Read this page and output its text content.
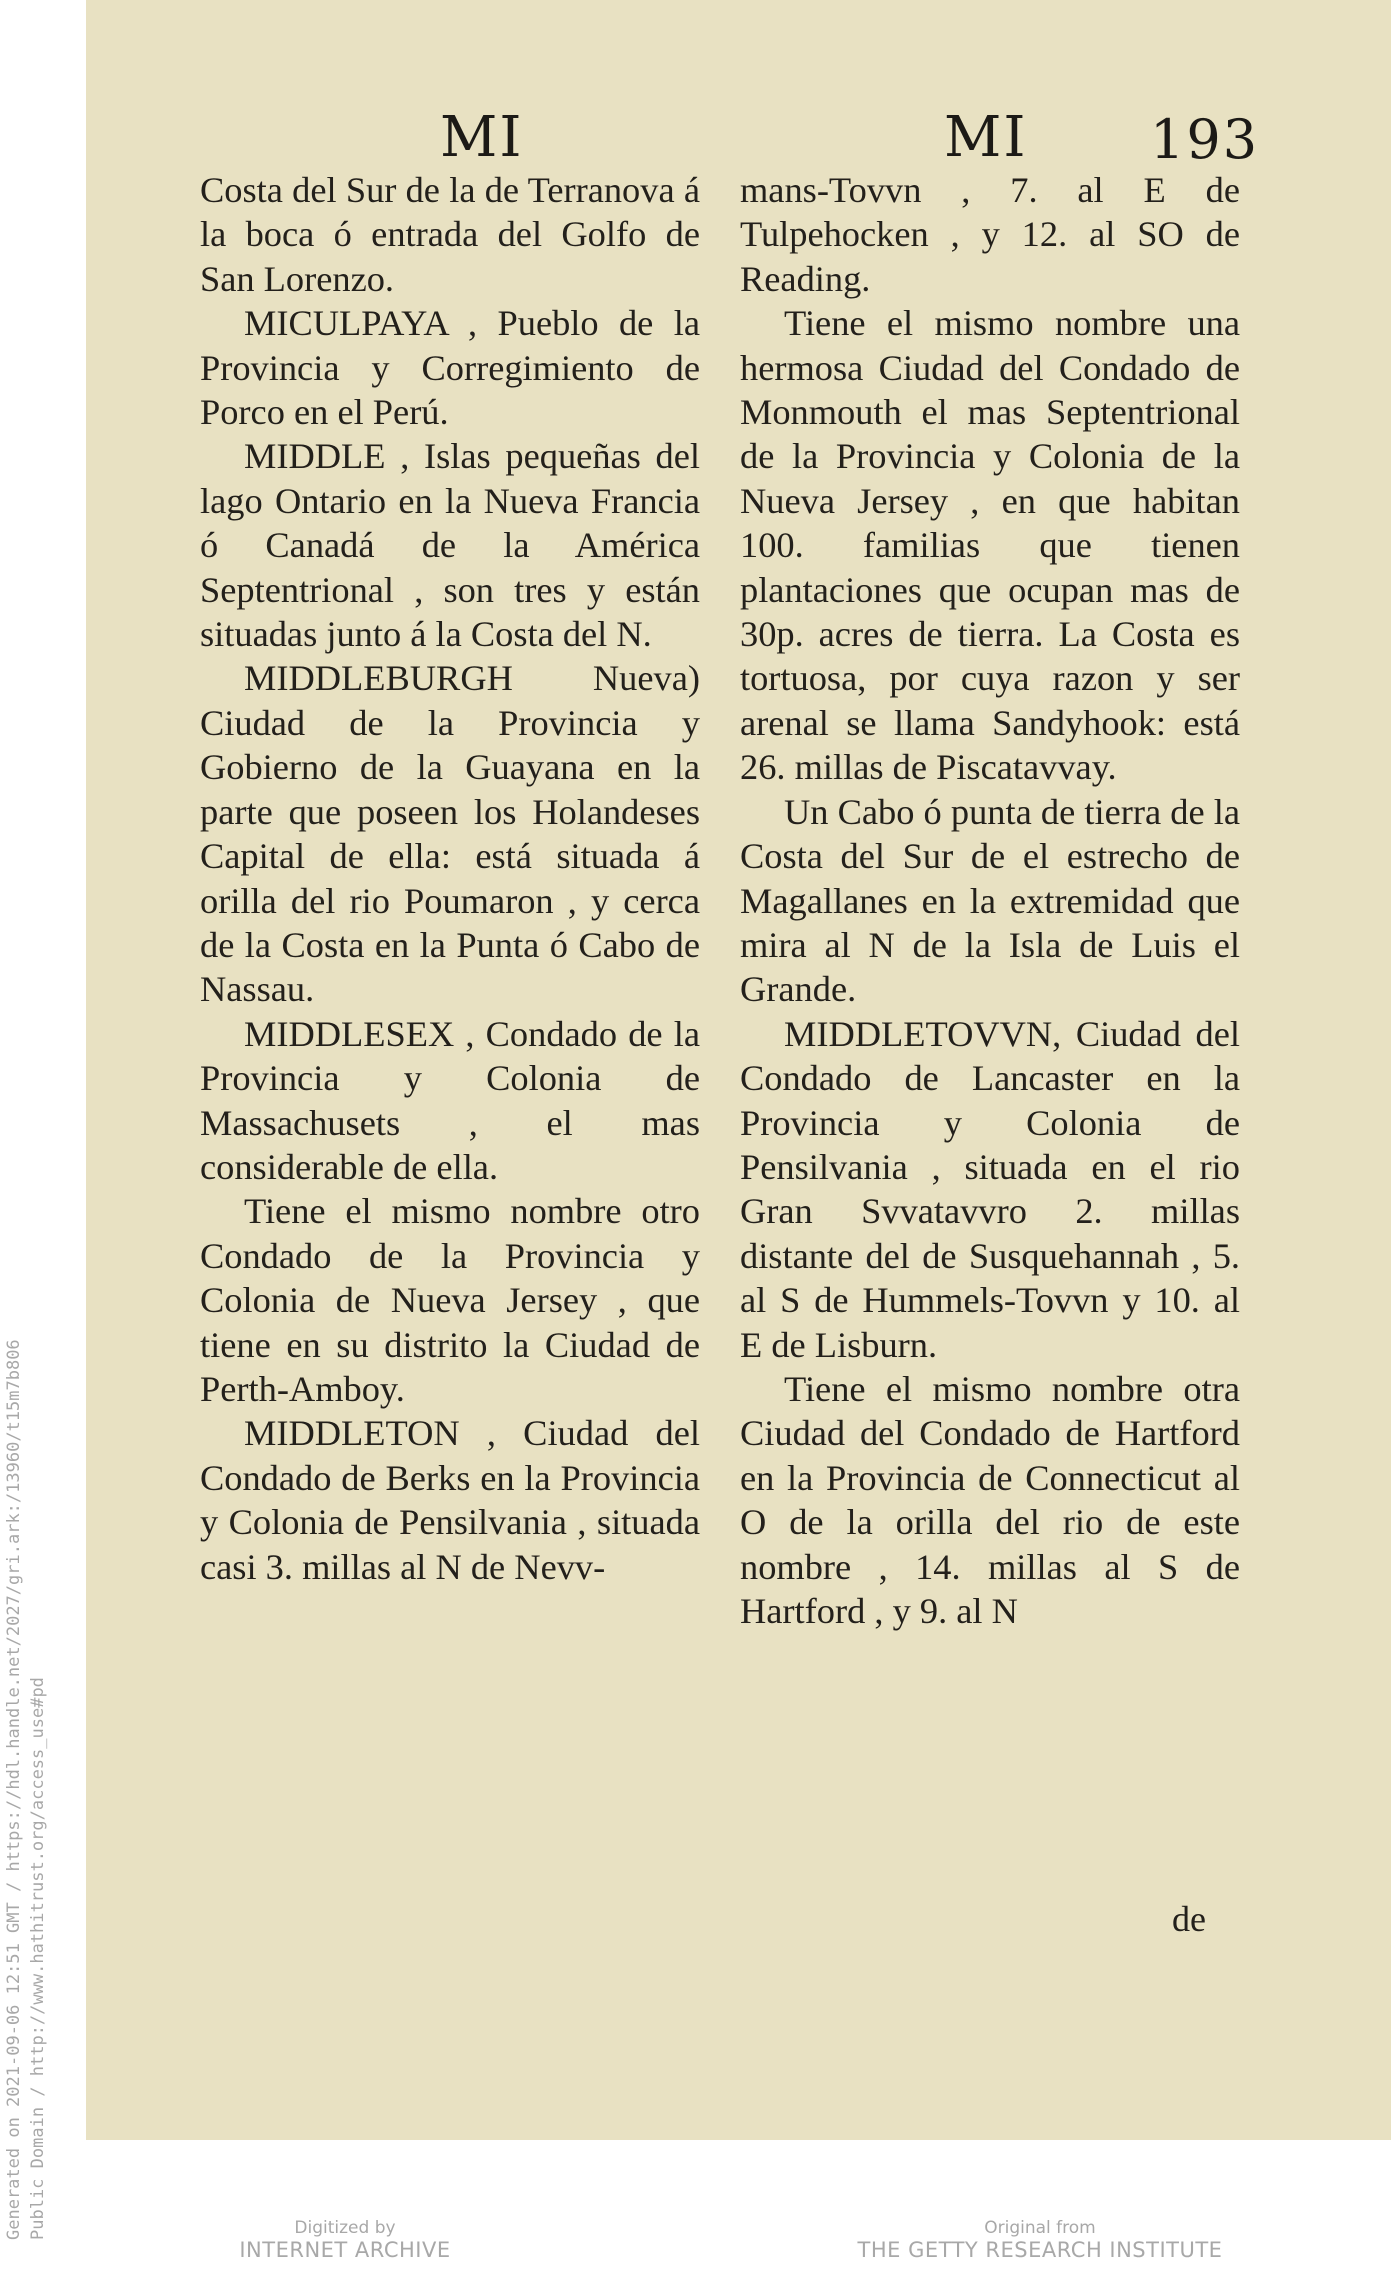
MI	MI 193

Costa del Sur de la de Terranova á la boca ó entrada del Golfo de San Lorenzo.

MICULPAYA , Pueblo de la Provincia y Corregimiento de Porco en el Perú.

MIDDLE , Islas pequeñas del lago Ontario en la Nueva Francia ó Canadá de la América Septentrional , son tres y están situadas junto á la Costa del N.

MIDDLEBURGH Nueva) Ciudad de la Provincia y Gobierno de la Guayana en la parte que poseen los Holandeses Capital de ella: está situada á orilla del rio Poumaron , y cerca de la Costa en la Punta ó Cabo de Nassau.

MIDDLESEX , Condado de la Provincia y Colonia de Massachusets , el mas considerable de ella.

Tiene el mismo nombre otro Condado de la Provincia y Colonia de Nueva Jersey , que tiene en su distrito la Ciudad de Perth-Amboy.

MIDDLETON , Ciudad del Condado de Berks en la Provincia y Colonia de Pensilvania , situada casi 3. millas al N de Nevv-

mans-Tovvn , 7. al E de Tulpehocken , y 12. al SO de Reading.

Tiene el mismo nombre una hermosa Ciudad del Condado de Monmouth el mas Septentrional de la Provincia y Colonia de la Nueva Jersey , en que habitan 100. familias que tienen plantaciones que ocupan mas de 30p. acres de tierra. La Costa es tortuosa, por cuya razon y ser arenal se llama Sandyhook: está 26. millas de Piscatavvay.

Un Cabo ó punta de tierra de la Costa del Sur de el estrecho de Magallanes en la extremidad que mira al N de la Isla de Luis el Grande.

MIDDLETOVVN, Ciudad del Condado de Lancaster en la Provincia y Colonia de Pensilvania , situada en el rio Gran Svvatavvro 2. millas distante del de Susquehannah , 5. al S de Hummels-Tovvn y 10. al E de Lisburn.

Tiene el mismo nombre otra Ciudad del Condado de Hartford en la Provincia de Connecticut al O de la orilla del rio de este nombre , 14. millas al S de Hartford , y 9. al N

de
Generated on 2021-09-06 12:51 GMT / https://hdl.handle.net/2027/gri.ark:/13960/t15m7b806 Public Domain / http://www.hathitrust.org/access_use#pd	Digitized by
INTERNET ARCHIVE
Original from
THE GETTY RESEARCH INSTITUTE
